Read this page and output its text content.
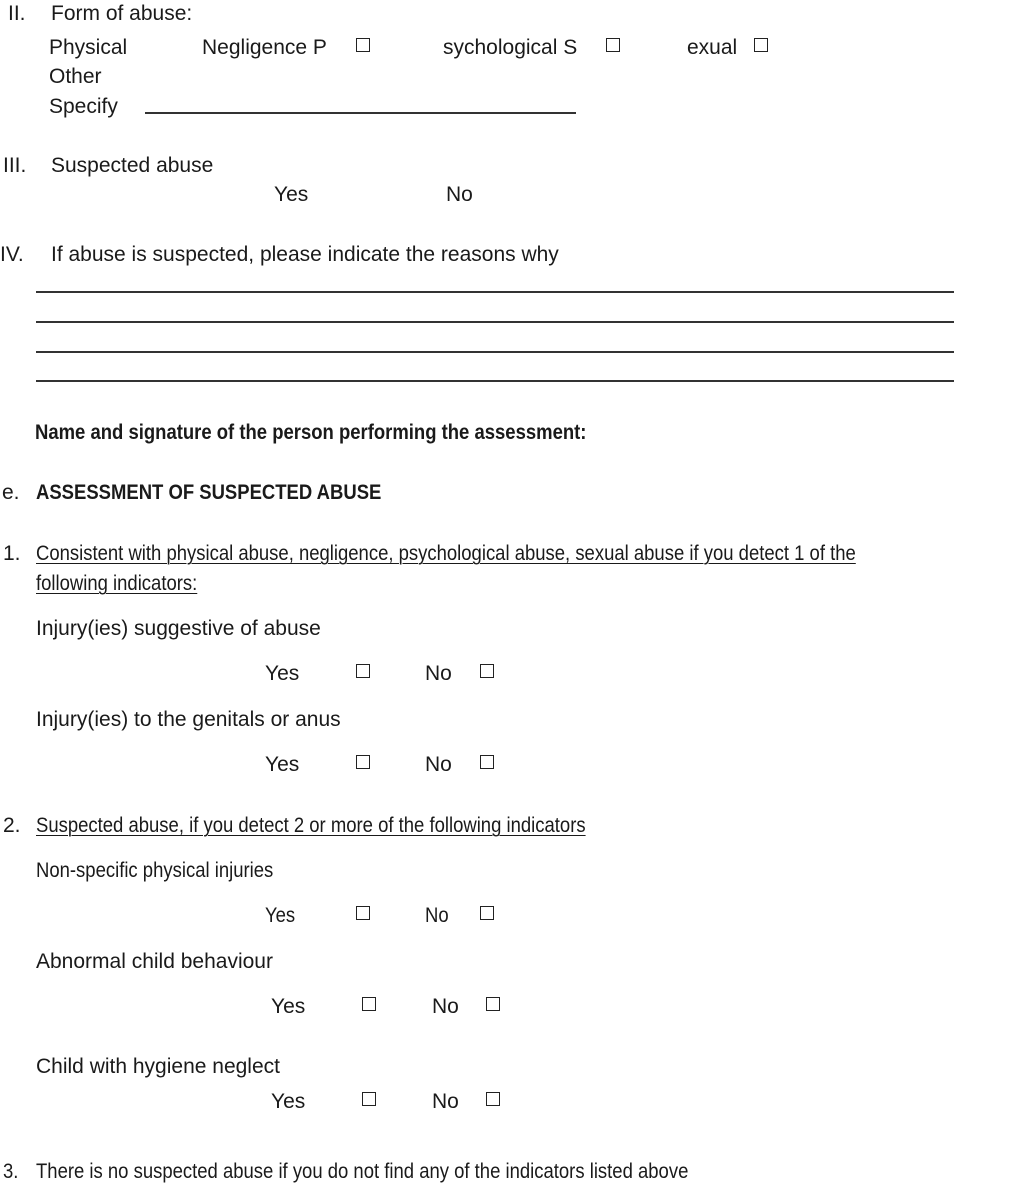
II. Form of abuse:
Physical	Negligence P	sychological S	exual
Other
Specify
III. Suspected abuse
Yes	No
IV. If abuse is suspected, please indicate the reasons why
Name and signature of the person performing the assessment:
e. ASSESSMENT OF SUSPECTED ABUSE
1. Consistent with physical abuse, negligence, psychological abuse, sexual abuse if you detect 1 of the
following indicators:
Injury(ies) suggestive of abuse
Yes	No
Injury(ies) to the genitals or anus
Yes	No
2. Suspected abuse, if you detect 2 or more of the following indicators
Non-specific physical injuries
Yes	No
Abnormal child behaviour
Yes	No
Child with hygiene neglect
Yes	No
3. There is no suspected abuse if you do not find any of the indicators listed above
